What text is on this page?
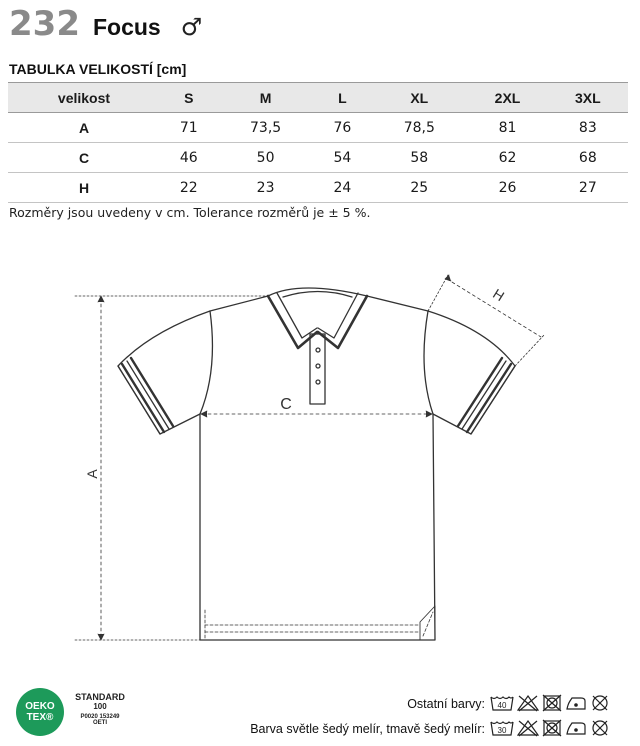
232 Focus ♂
TABULKA VELIKOSTÍ [cm]
velikost	S	M	L	XL	2XL	3XL
A	71	73,5	76	78,5	81	83
C	46	50	54	58	62	68
H	22	23	24	25	26	27
Rozměry jsou uvedeny v cm. Tolerance rozměrů je ± 5 %.
A
C
H
OEKO
TEX®
STANDARD
100
P0020 153249
OETI
Ostatní barvy: 40
Barva světle šedý melír, tmavě šedý melír: 30
